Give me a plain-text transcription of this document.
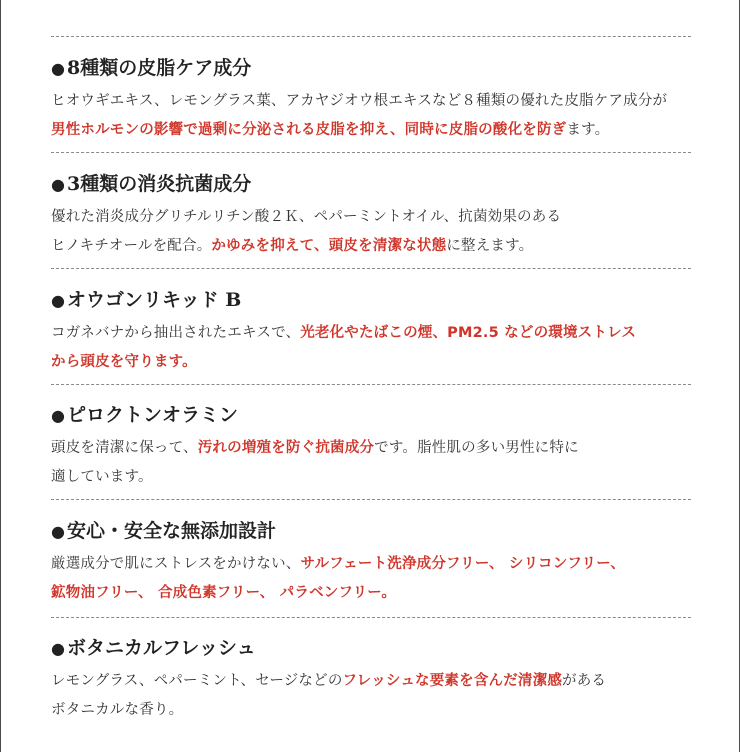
● 8種類の皮脂ケア成分
ヒオウギエキス、レモングラス葉、アカヤジオウ根エキスなど８種類の優れた皮脂ケア成分が
男性ホルモンの影響で過剰に分泌される皮脂を抑え、同時に皮脂の酸化を防ぎます。
● 3種類の消炎抗菌成分
優れた消炎成分グリチルリチン酸２Ｋ、ペパーミントオイル、抗菌効果のある
ヒノキチオールを配合。かゆみを抑えて、頭皮を清潔な状態に整えます。
● オウゴンリキッド B
コガネバナから抽出されたエキスで、光老化やたばこの煙、PM2.5 などの環境ストレス
から頭皮を守ります。
● ピロクトンオラミン
頭皮を清潔に保って、汚れの増殖を防ぐ抗菌成分です。脂性肌の多い男性に特に
適しています。
● 安心・安全な無添加設計
厳選成分で肌にストレスをかけない、サルフェート洗浄成分フリー、 シリコンフリー、
鉱物油フリー、 合成色素フリー、 パラベンフリー。
● ボタニカルフレッシュ
レモングラス、ペパーミント、セージなどのフレッシュな要素を含んだ清潔感がある
ボタニカルな香り。
